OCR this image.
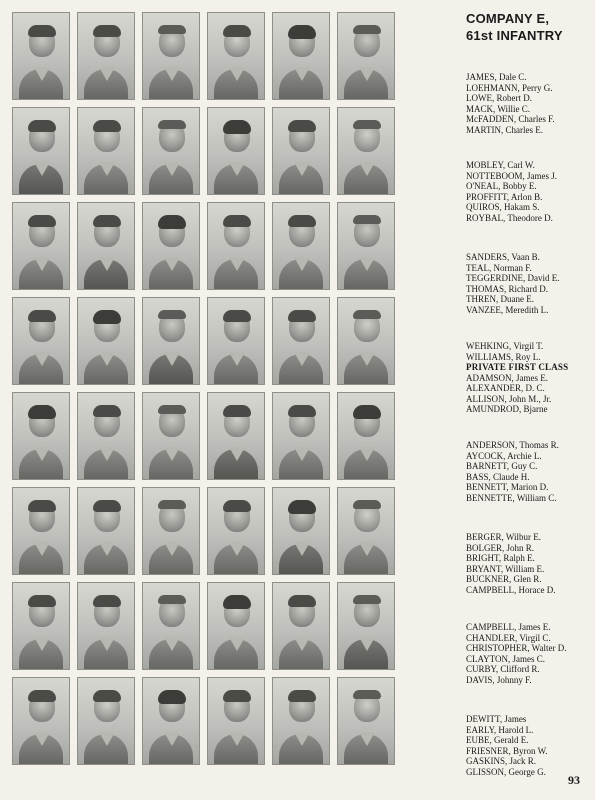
COMPANY E,
61st INFANTRY
JAMES, Dale C.
LOEHMANN, Perry G.
LOWE, Robert D.
MACK, Willie C.
McFADDEN, Charles F.
MARTIN, Charles E.
MOBLEY, Carl W.
NOTTEBOOM, James J.
O'NEAL, Bobby E.
PROFFITT, Arlon B.
QUIROS, Hakam S.
ROYBAL, Theodore D.
SANDERS, Vaan B.
TEAL, Norman F.
TEGGERDINE, David E.
THOMAS, Richard D.
THREN, Duane E.
VANZEE, Meredith L.
WEHKING, Virgil T.
WILLIAMS, Roy L.
PRIVATE FIRST CLASS
ADAMSON, James E.
ALEXANDER, D. C.
ALLISON, John M., Jr.
AMUNDROD, Bjarne
ANDERSON, Thomas R.
AYCOCK, Archie L.
BARNETT, Guy C.
BASS, Claude H.
BENNETT, Marion D.
BENNETTE, William C.
BERGER, Wilbur E.
BOLGER, John R.
BRIGHT, Ralph E.
BRYANT, William E.
BUCKNER, Glen R.
CAMPBELL, Horace D.
CAMPBELL, James E.
CHANDLER, Virgil C.
CHRISTOPHER, Walter D.
CLAYTON, James C.
CURBY, Clifford R.
DAVIS, Johnny F.
DEWITT, James
EARLY, Harold L.
EUBE, Gerald E.
FRIESNER, Byron W.
GASKINS, Jack R.
GLISSON, George G.
93
